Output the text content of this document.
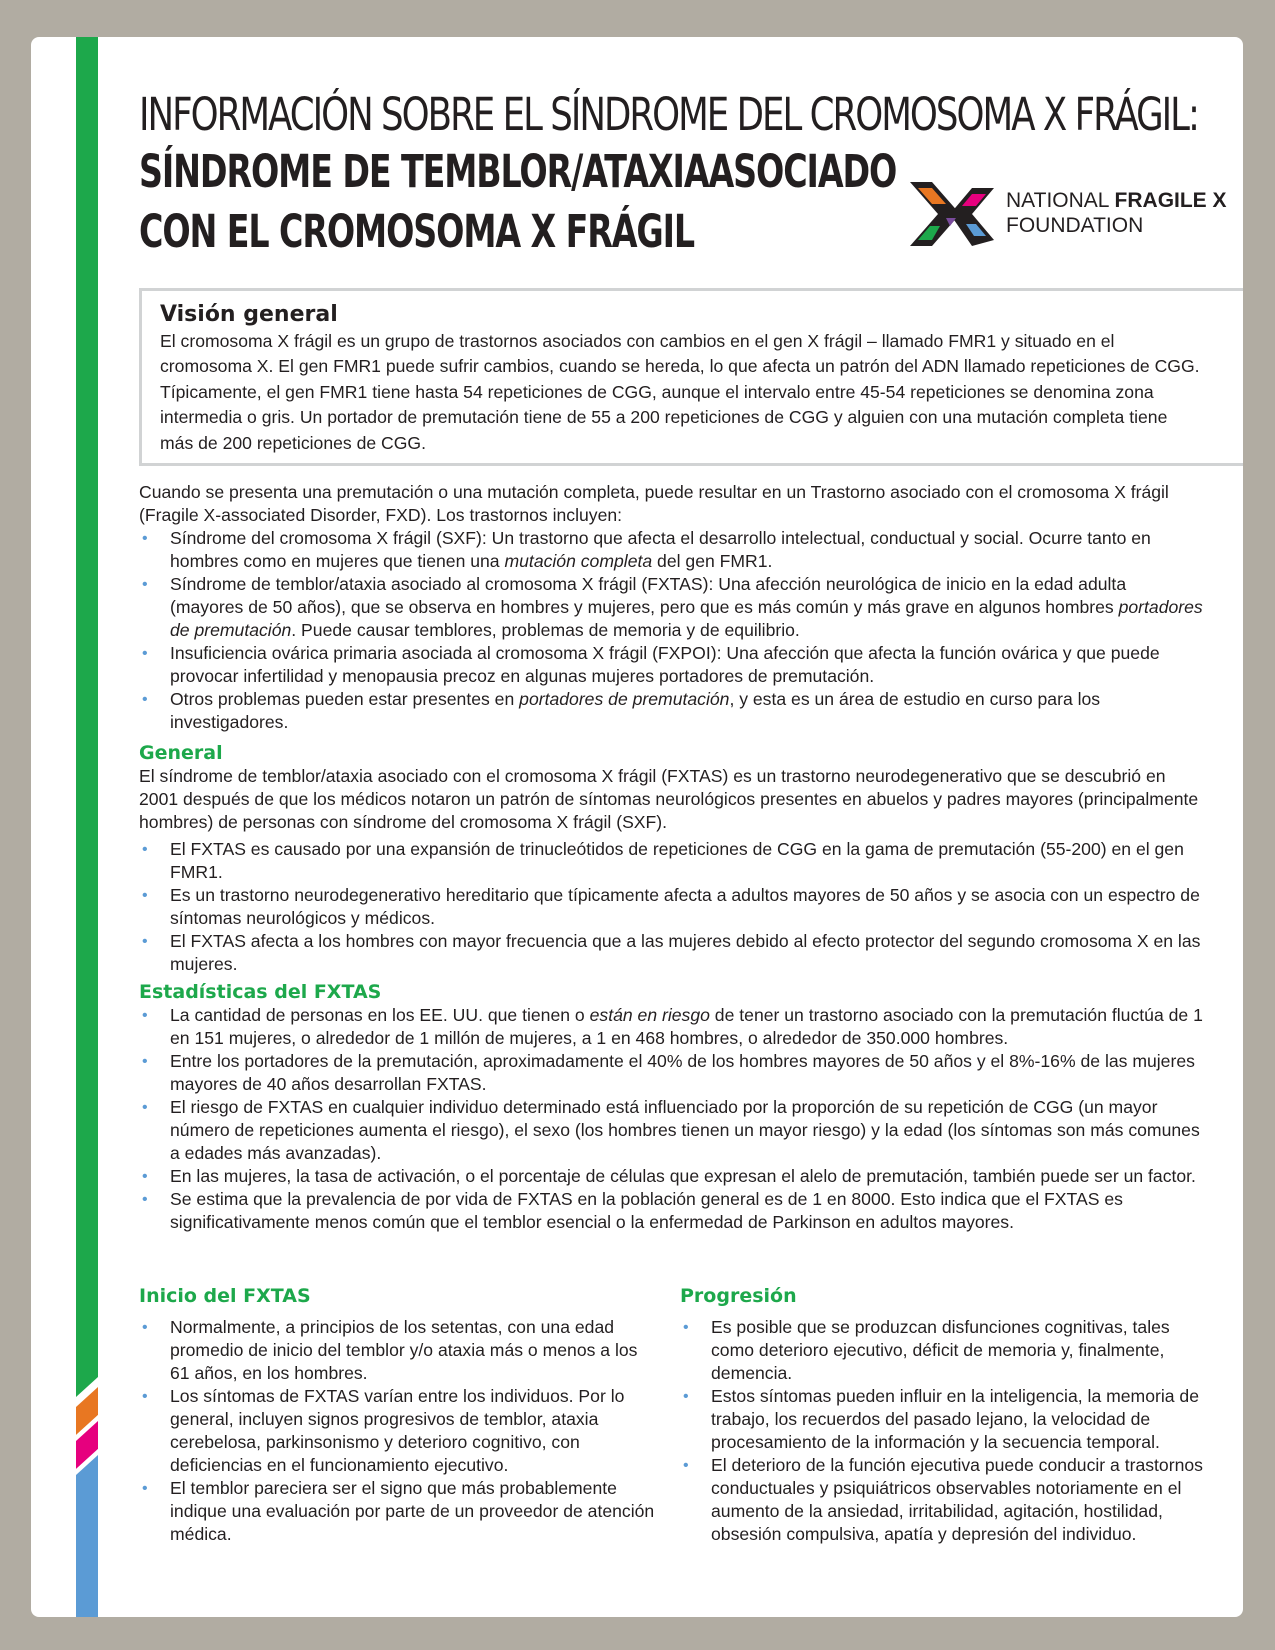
INFORMACIÓN SOBRE EL SÍNDROME DEL CROMOSOMA X FRÁGIL:
SÍNDROME DE TEMBLOR/ATAXIAASOCIADO
CON EL CROMOSOMA X FRÁGIL
NATIONAL FRAGILE X
FOUNDATION
Visión general

El cromosoma X frágil es un grupo de trastornos asociados con cambios en el gen X frágil – llamado FMR1 y situado en el cromosoma X. El gen FMR1 puede sufrir cambios, cuando se hereda, lo que afecta un patrón del ADN llamado repeticiones de CGG. Típicamente, el gen FMR1 tiene hasta 54 repeticiones de CGG, aunque el intervalo entre 45-54 repeticiones se denomina zona intermedia o gris. Un portador de premutación tiene de 55 a 200 repeticiones de CGG y alguien con una mutación completa tiene más de 200 repeticiones de CGG.

Cuando se presenta una premutación o una mutación completa, puede resultar en un Trastorno asociado con el cromosoma X frágil (Fragile X-associated Disorder, FXD). Los trastornos incluyen:

• Síndrome del cromosoma X frágil (SXF): Un trastorno que afecta el desarrollo intelectual, conductual y social. Ocurre tanto en hombres como en mujeres que tienen una mutación completa del gen FMR1.
• Síndrome de temblor/ataxia asociado al cromosoma X frágil (FXTAS): Una afección neurológica de inicio en la edad adulta (mayores de 50 años), que se observa en hombres y mujeres, pero que es más común y más grave en algunos hombres portadores de premutación. Puede causar temblores, problemas de memoria y de equilibrio.
• Insuficiencia ovárica primaria asociada al cromosoma X frágil (FXPOI): Una afección que afecta la función ovárica y que puede provocar infertilidad y menopausia precoz en algunas mujeres portadores de premutación.
• Otros problemas pueden estar presentes en portadores de premutación, y esta es un área de estudio en curso para los investigadores.
General

El síndrome de temblor/ataxia asociado con el cromosoma X frágil (FXTAS) es un trastorno neurodegenerativo que se descubrió en 2001 después de que los médicos notaron un patrón de síntomas neurológicos presentes en abuelos y padres mayores (principalmente hombres) de personas con síndrome del cromosoma X frágil (SXF).

• El FXTAS es causado por una expansión de trinucleótidos de repeticiones de CGG en la gama de premutación (55-200) en el gen FMR1.
• Es un trastorno neurodegenerativo hereditario que típicamente afecta a adultos mayores de 50 años y se asocia con un espectro de síntomas neurológicos y médicos.
• El FXTAS afecta a los hombres con mayor frecuencia que a las mujeres debido al efecto protector del segundo cromosoma X en las mujeres.
Estadísticas del FXTAS
• La cantidad de personas en los EE. UU. que tienen o están en riesgo de tener un trastorno asociado con la premutación fluctúa de 1 en 151 mujeres, o alrededor de 1 millón de mujeres, a 1 en 468 hombres, o alrededor de 350.000 hombres.
• Entre los portadores de la premutación, aproximadamente el 40% de los hombres mayores de 50 años y el 8%-16% de las mujeres mayores de 40 años desarrollan FXTAS.
• El riesgo de FXTAS en cualquier individuo determinado está influenciado por la proporción de su repetición de CGG (un mayor número de repeticiones aumenta el riesgo), el sexo (los hombres tienen un mayor riesgo) y la edad (los síntomas son más comunes a edades más avanzadas).
• En las mujeres, la tasa de activación, o el porcentaje de células que expresan el alelo de premutación, también puede ser un factor.
• Se estima que la prevalencia de por vida de FXTAS en la población general es de 1 en 8000. Esto indica que el FXTAS es significativamente menos común que el temblor esencial o la enfermedad de Parkinson en adultos mayores.
Inicio del FXTAS
• Normalmente, a principios de los setentas, con una edad promedio de inicio del temblor y/o ataxia más o menos a los 61 años, en los hombres.
• Los síntomas de FXTAS varían entre los individuos. Por lo general, incluyen signos progresivos de temblor, ataxia cerebelosa, parkinsonismo y deterioro cognitivo, con deficiencias en el funcionamiento ejecutivo.
• El temblor pareciera ser el signo que más probablemente indique una evaluación por parte de un proveedor de atención médica.
Progresión
• Es posible que se produzcan disfunciones cognitivas, tales como deterioro ejecutivo, déficit de memoria y, finalmente, demencia.
• Estos síntomas pueden influir en la inteligencia, la memoria de trabajo, los recuerdos del pasado lejano, la velocidad de procesamiento de la información y la secuencia temporal.
• El deterioro de la función ejecutiva puede conducir a trastornos conductuales y psiquiátricos observables notoriamente en el aumento de la ansiedad, irritabilidad, agitación, hostilidad, obsesión compulsiva, apatía y depresión del individuo.
